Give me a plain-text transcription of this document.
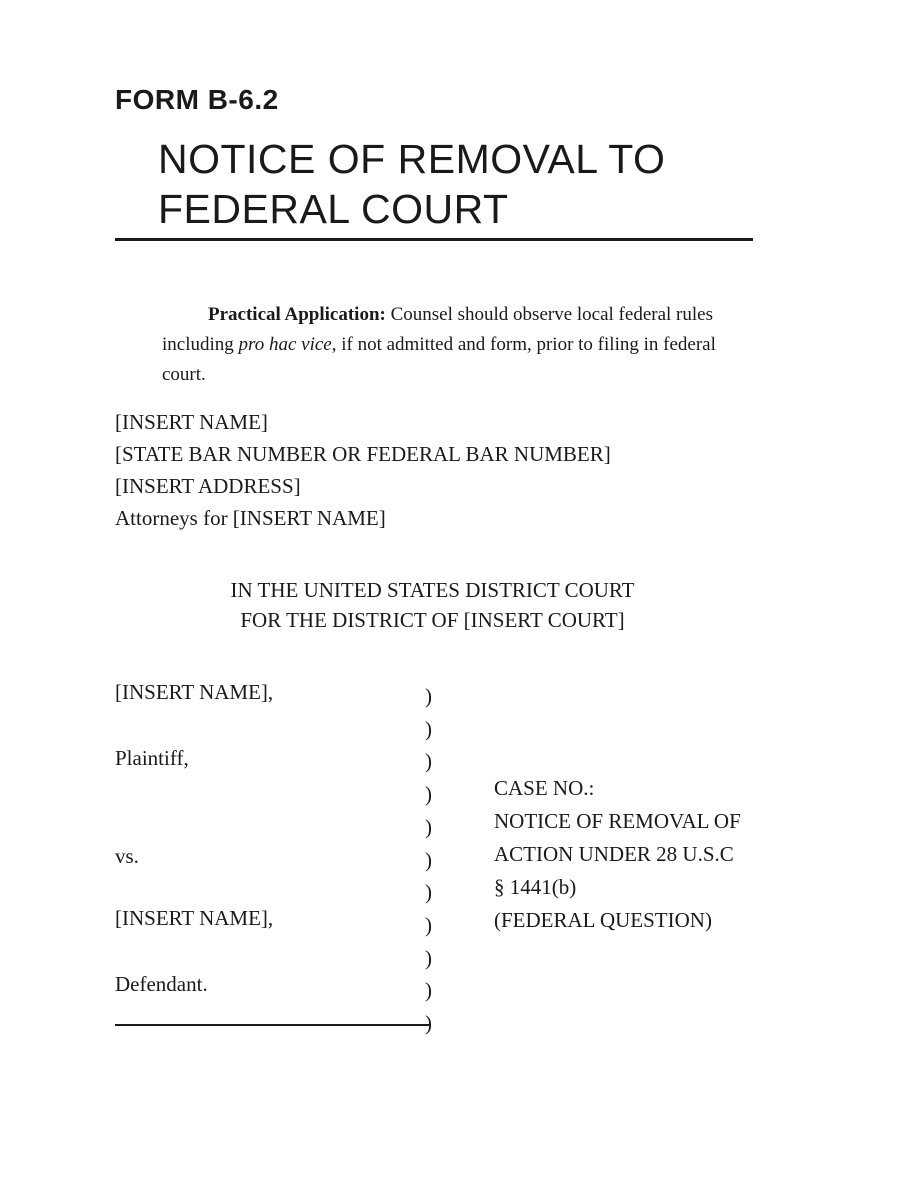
FORM B-6.2
NOTICE OF REMOVAL TO
FEDERAL COURT
Practical Application: Counsel should observe local federal rules including pro hac vice, if not admitted and form, prior to filing in federal court.
[INSERT NAME]
[STATE BAR NUMBER OR FEDERAL BAR NUMBER]
[INSERT ADDRESS]
Attorneys for [INSERT NAME]
IN THE UNITED STATES DISTRICT COURT
FOR THE DISTRICT OF [INSERT COURT]
[INSERT NAME],
Plaintiff,
vs.
[INSERT NAME],
Defendant.
)
)
)
)
)
)
)
)
)
)
)
CASE NO.:
NOTICE OF REMOVAL OF
ACTION UNDER 28 U.S.C
§ 1441(b)
(FEDERAL QUESTION)
